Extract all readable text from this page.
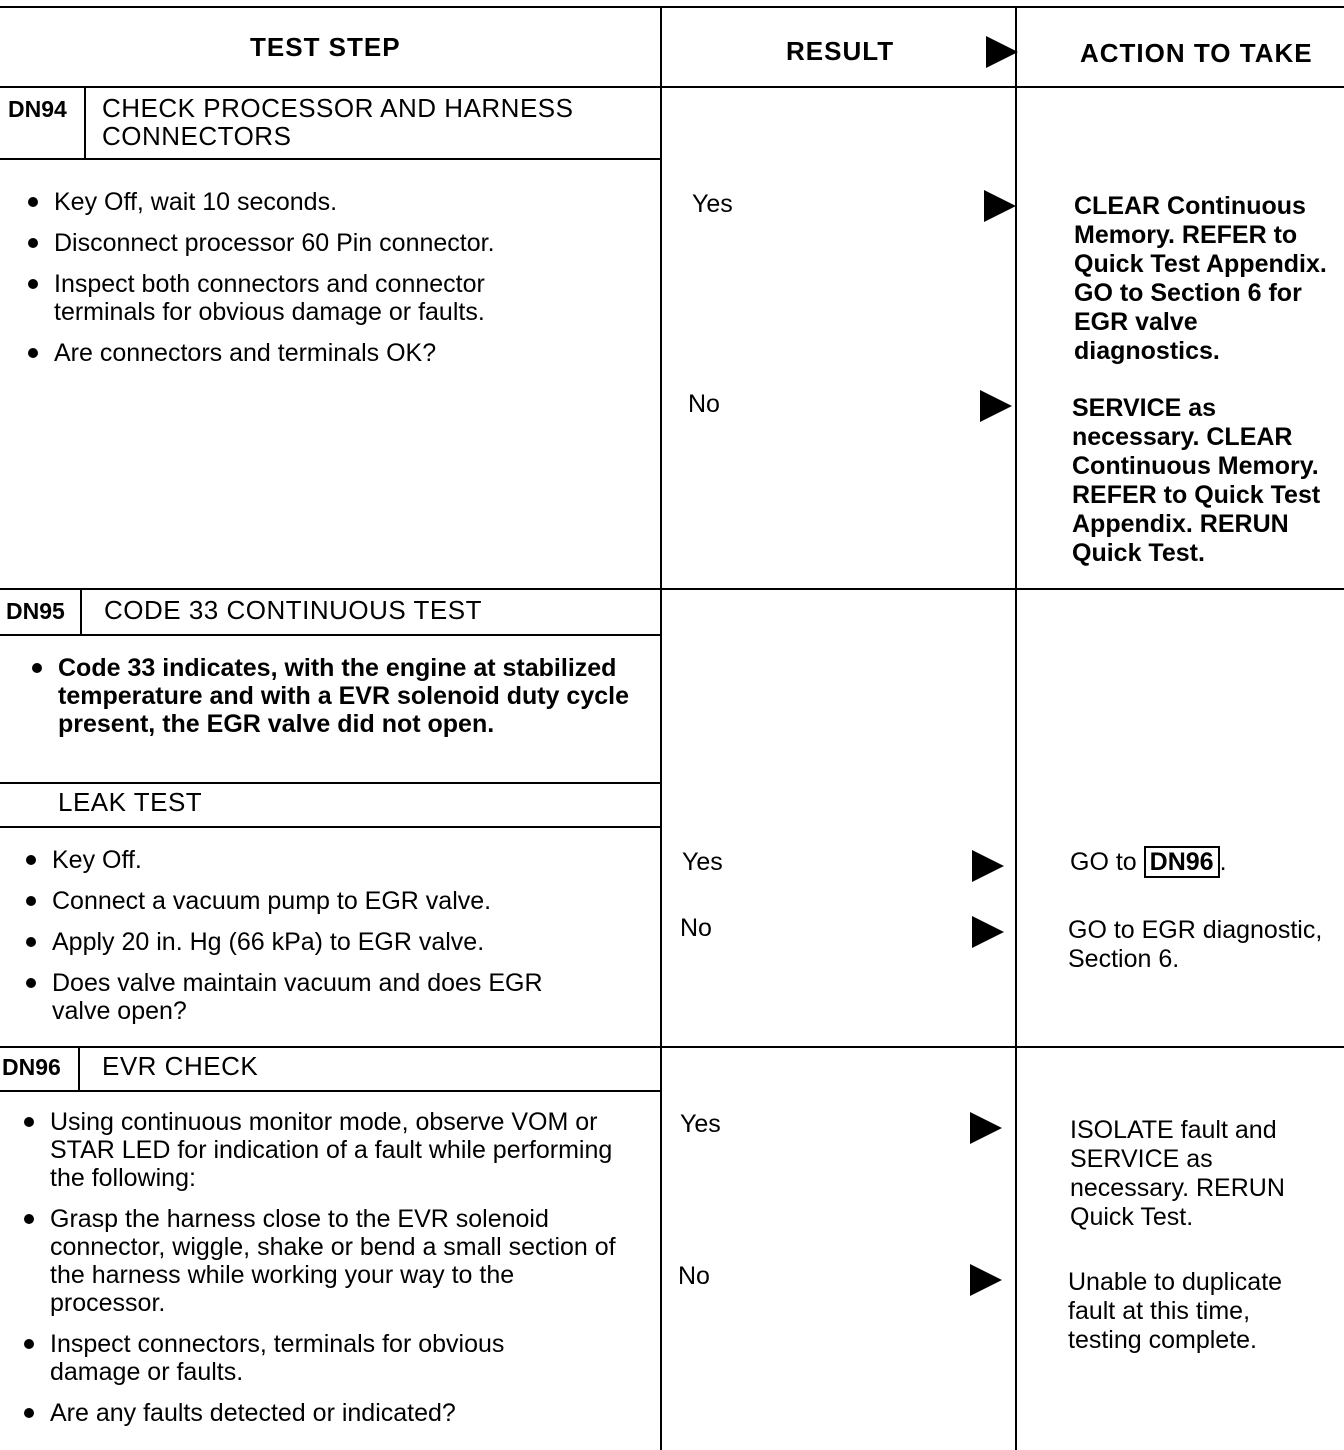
TEST STEP	RESULT	ACTION TO TAKE
DN94 CHECK PROCESSOR AND HARNESS
CONNECTORS
Key Off, wait 10 seconds.
Disconnect processor 60 Pin connector.
Inspect both connectors and connector terminals for obvious damage or faults.
Are connectors and terminals OK?
Yes
No
CLEAR Continuous Memory. REFER to Quick Test Appendix. GO to Section 6 for EGR valve diagnostics.
SERVICE as necessary. CLEAR Continuous Memory. REFER to Quick Test Appendix. RERUN Quick Test.
DN95 CODE 33 CONTINUOUS TEST
Code 33 indicates, with the engine at stabilized temperature and with a EVR solenoid duty cycle present, the EGR valve did not open.
LEAK TEST
Key Off.
Connect a vacuum pump to EGR valve.
Apply 20 in. Hg (66 kPa) to EGR valve.
Does valve maintain vacuum and does EGR valve open?
Yes
No
GO to DN96 .
GO to EGR diagnostic, Section 6.
DN96 EVR CHECK
Using continuous monitor mode, observe VOM or STAR LED for indication of a fault while performing the following:
Grasp the harness close to the EVR solenoid connector, wiggle, shake or bend a small section of the harness while working your way to the processor.
Inspect connectors, terminals for obvious damage or faults.
Are any faults detected or indicated?
Yes
No
ISOLATE fault and SERVICE as necessary. RERUN Quick Test.
Unable to duplicate fault at this time, testing complete.
